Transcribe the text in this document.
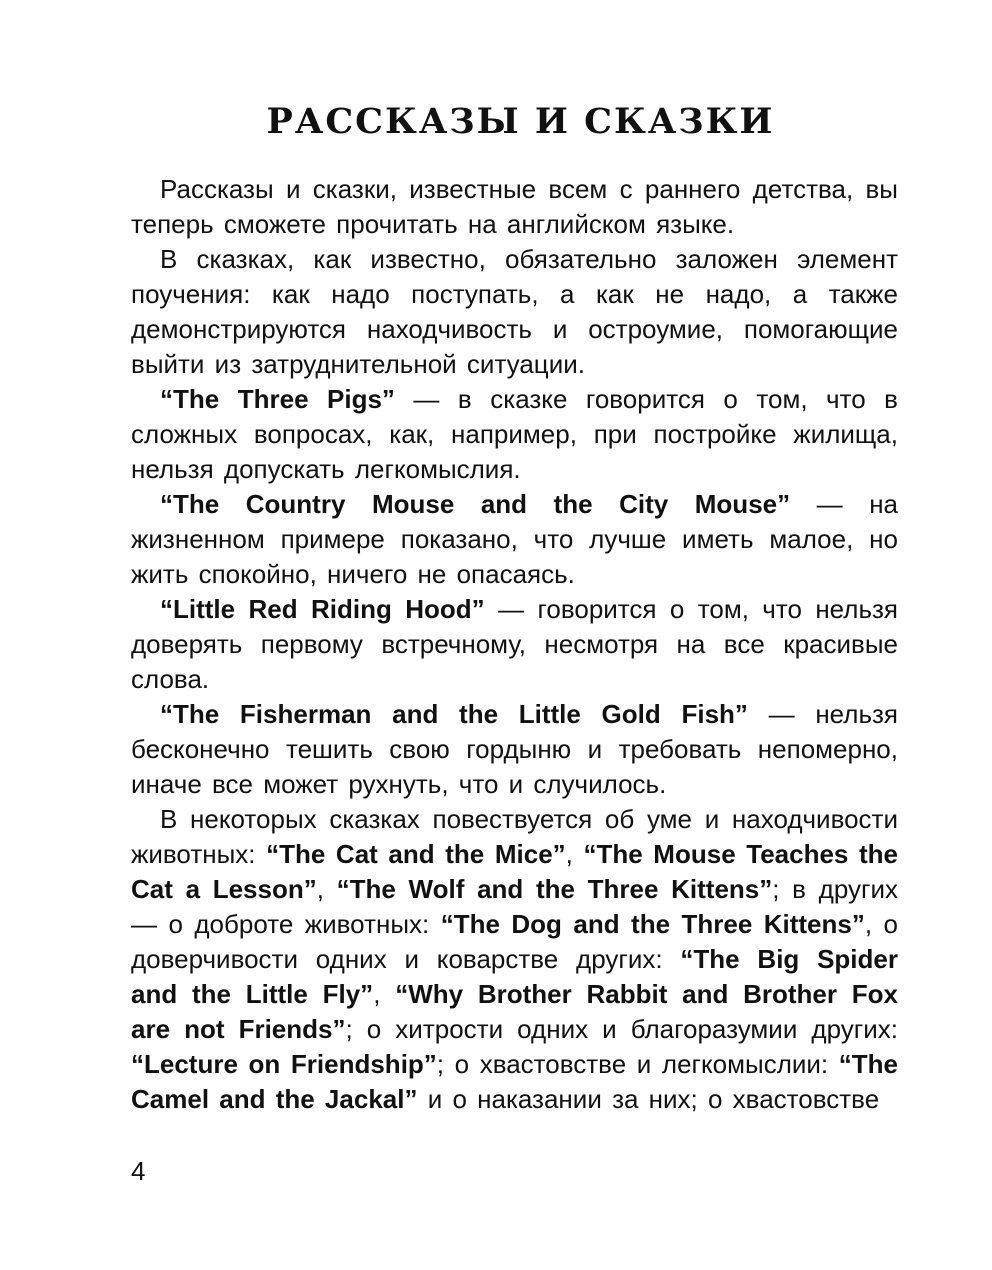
РАССКАЗЫ И СКАЗКИ

Рассказы и сказки, известные всем с раннего детства, вы теперь сможете прочитать на английском языке.

В сказках, как известно, обязательно заложен элемент поучения: как надо поступать, а как не надо, а также демонстрируются находчивость и остроумие, помогающие выйти из затруднительной ситуации.

“The Three Pigs” — в сказке говорится о том, что в сложных вопросах, как, например, при постройке жилища, нельзя допускать легкомыслия.

“The Country Mouse and the City Mouse” — на жизненном примере показано, что лучше иметь малое, но жить спокойно, ничего не опасаясь.

“Little Red Riding Hood” — говорится о том, что нельзя доверять первому встречному, несмотря на все красивые слова.

“The Fisherman and the Little Gold Fish” — нельзя бесконечно тешить свою гордыню и требовать непомерно, иначе все может рухнуть, что и случилось.

В некоторых сказках повествуется об уме и находчивости животных: “The Cat and the Mice”, “The Mouse Teaches the Cat a Lesson”, “The Wolf and the Three Kittens”; в других — о доброте животных: “The Dog and the Three Kittens”, о доверчивости одних и коварстве других: “The Big Spider and the Little Fly”, “Why Brother Rabbit and Brother Fox are not Friends”; о хитрости одних и благоразумии других: “Lecture on Friendship”; о хвастовстве и легкомыслии: “The Camel and the Jackal” и о наказании за них; о хвастовстве

4
